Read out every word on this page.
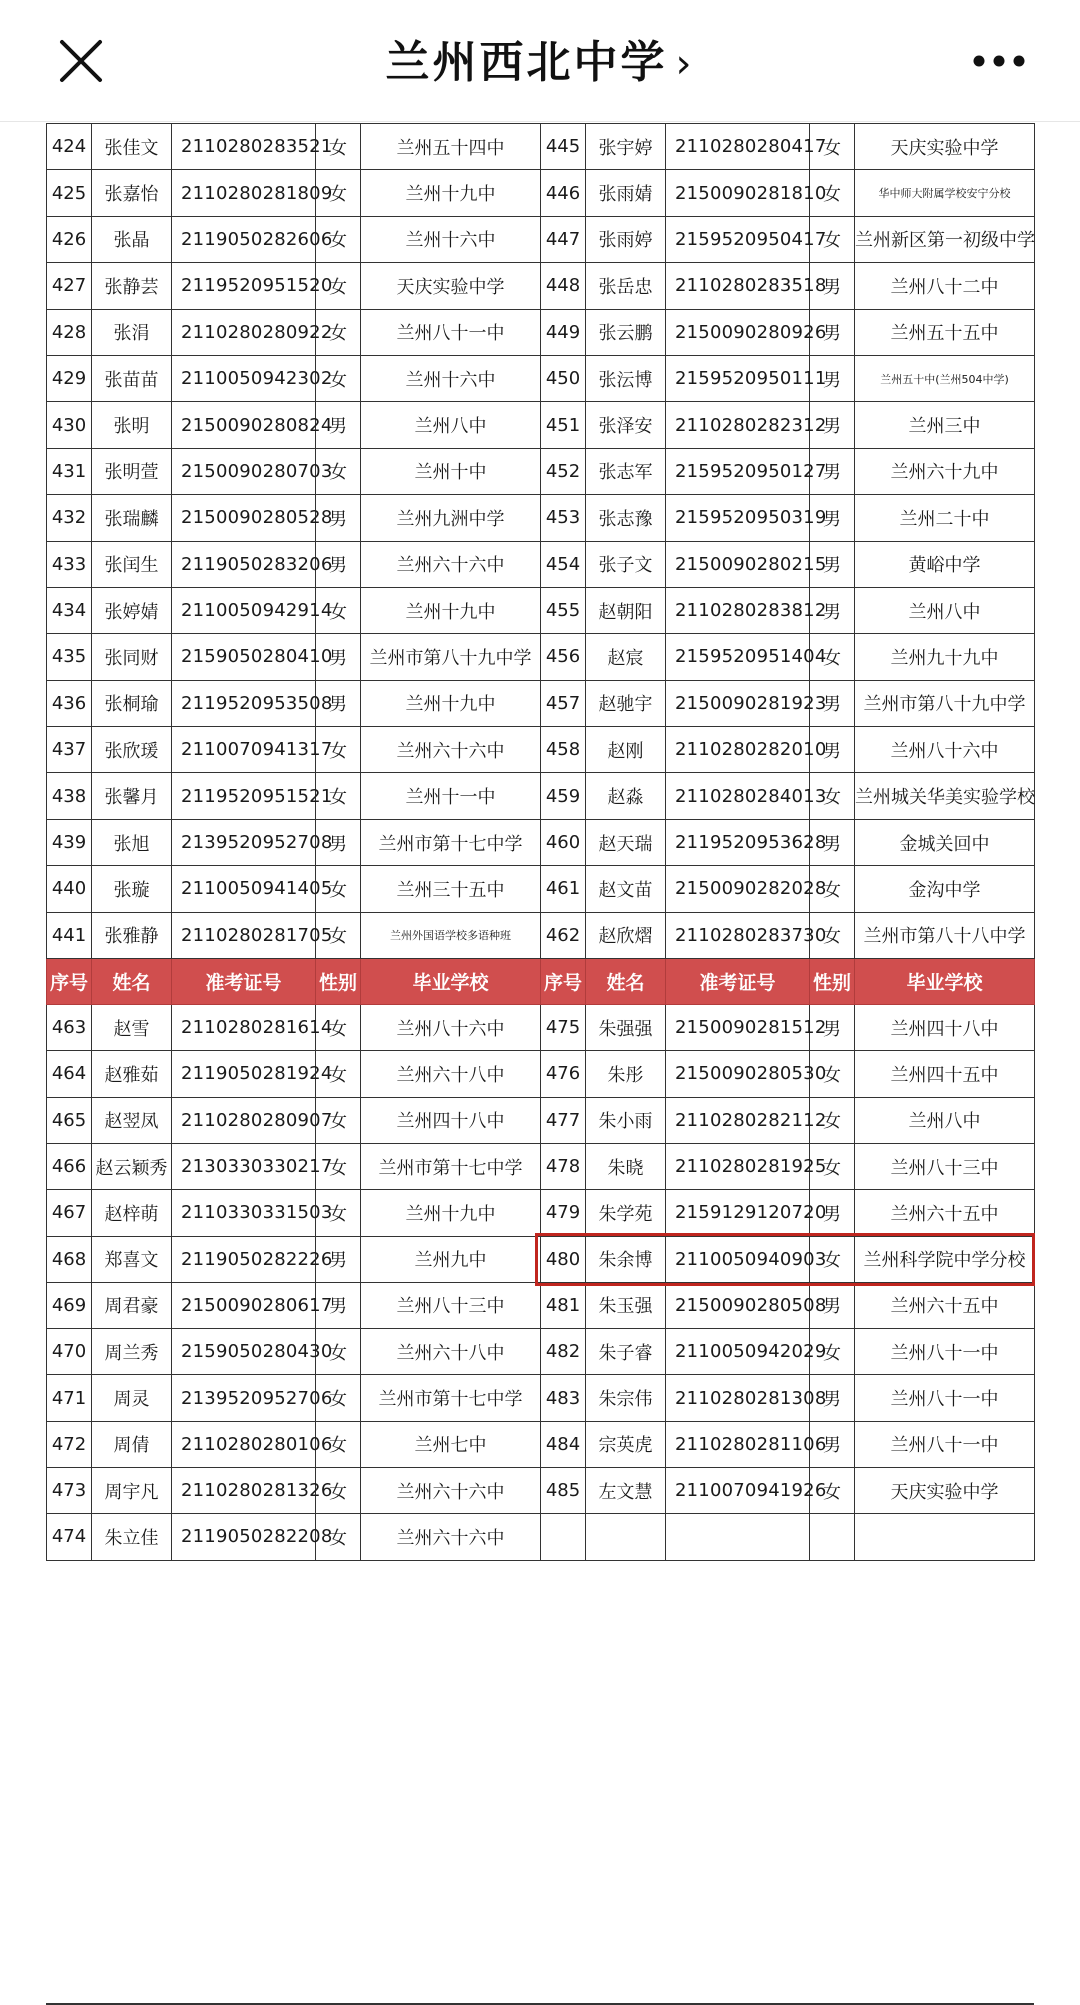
兰州西北中学 ›
424	张佳文	2110280283521	女	兰州五十四中	445	张宇婷	2110280280417	女	天庆实验中学
425	张嘉怡	2110280281809	女	兰州十九中	446	张雨婧	2150090281810	女	华中师大附属学校安宁分校
426	张晶	2119050282606	女	兰州十六中	447	张雨婷	2159520950417	女	兰州新区第一初级中学
427	张静芸	2119520951520	女	天庆实验中学	448	张岳忠	2110280283518	男	兰州八十二中
428	张涓	2110280280922	女	兰州八十一中	449	张云鹏	2150090280926	男	兰州五十五中
429	张苗苗	2110050942302	女	兰州十六中	450	张沄博	2159520950111	男	兰州五十中(兰州504中学)
430	张明	2150090280824	男	兰州八中	451	张泽安	2110280282312	男	兰州三中
431	张明萱	2150090280703	女	兰州十中	452	张志军	2159520950127	男	兰州六十九中
432	张瑞麟	2150090280528	男	兰州九洲中学	453	张志豫	2159520950319	男	兰州二十中
433	张闰生	2119050283206	男	兰州六十六中	454	张子文	2150090280215	男	黄峪中学
434	张婷婧	2110050942914	女	兰州十九中	455	赵朝阳	2110280283812	男	兰州八中
435	张同财	2159050280410	男	兰州市第八十九中学	456	赵宸	2159520951404	女	兰州九十九中
436	张桐瑜	2119520953508	男	兰州十九中	457	赵驰宇	2150090281923	男	兰州市第八十九中学
437	张欣瑗	2110070941317	女	兰州六十六中	458	赵刚	2110280282010	男	兰州八十六中
438	张馨月	2119520951521	女	兰州十一中	459	赵淼	2110280284013	女	兰州城关华美实验学校
439	张旭	2139520952708	男	兰州市第十七中学	460	赵天瑞	2119520953628	男	金城关回中
440	张璇	2110050941405	女	兰州三十五中	461	赵文苗	2150090282028	女	金沟中学
441	张雅静	2110280281705	女	兰州外国语学校多语种班	462	赵欣熠	2110280283730	女	兰州市第八十八中学
序号	姓名	准考证号	性别	毕业学校	序号	姓名	准考证号	性别	毕业学校
463	赵雪	2110280281614	女	兰州八十六中	475	朱强强	2150090281512	男	兰州四十八中
464	赵雅茹	2119050281924	女	兰州六十八中	476	朱彤	2150090280530	女	兰州四十五中
465	赵翌凤	2110280280907	女	兰州四十八中	477	朱小雨	2110280282112	女	兰州八中
466	赵云颖秀	2130330330217	女	兰州市第十七中学	478	朱晓	2110280281925	女	兰州八十三中
467	赵梓萌	2110330331503	女	兰州十九中	479	朱学苑	2159129120720	男	兰州六十五中
468	郑喜文	2119050282226	男	兰州九中	480	朱余博	2110050940903	女	兰州科学院中学分校
469	周君豪	2150090280617	男	兰州八十三中	481	朱玉强	2150090280508	男	兰州六十五中
470	周兰秀	2159050280430	女	兰州六十八中	482	朱子睿	2110050942029	女	兰州八十一中
471	周灵	2139520952706	女	兰州市第十七中学	483	朱宗伟	2110280281308	男	兰州八十一中
472	周倩	2110280280106	女	兰州七中	484	宗英虎	2110280281106	男	兰州八十一中
473	周宇凡	2110280281326	女	兰州六十六中	485	左文慧	2110070941926	女	天庆实验中学
474	朱立佳	2119050282208	女	兰州六十六中					
